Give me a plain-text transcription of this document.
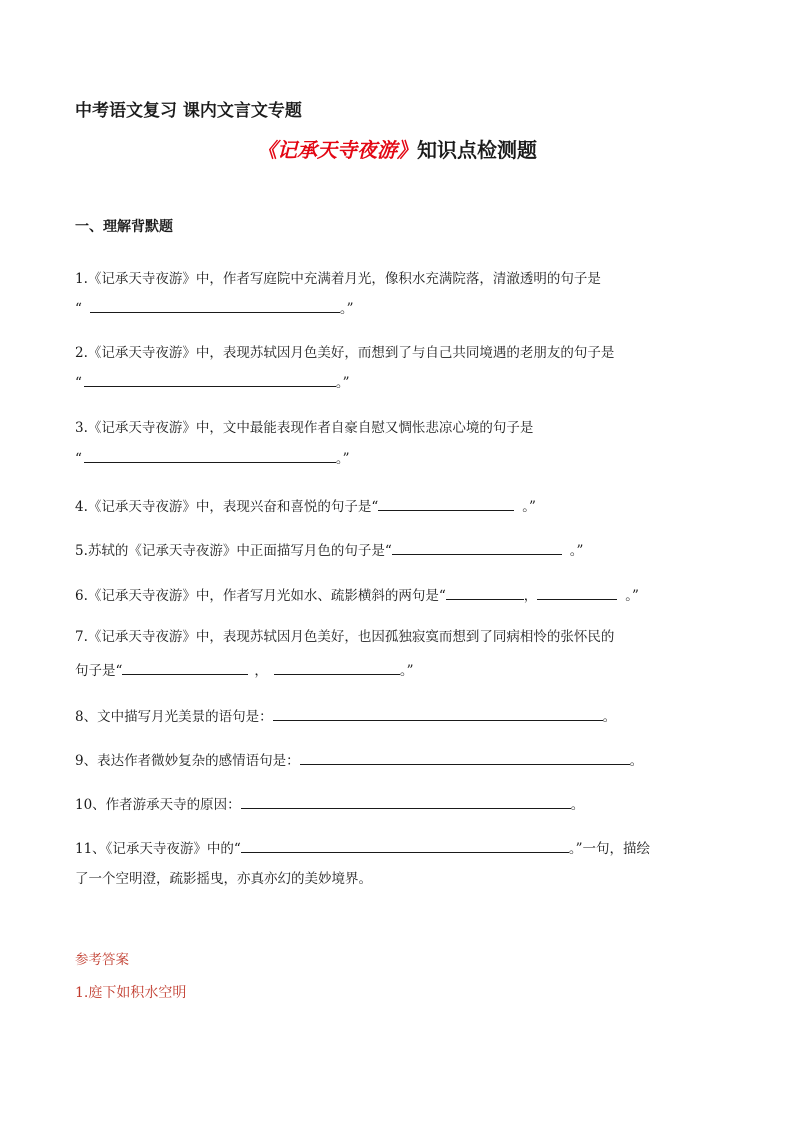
中考语文复习 课内文言文专题
《记承天寺夜游》知识点检测题
一、理解背默题
1.《记承天寺夜游》中，作者写庭院中充满着月光，像积水充满院落，清澈透明的句子是
“	。”
2.《记承天寺夜游》中，表现苏轼因月色美好，而想到了与自己共同境遇的老朋友的句子是
“	。”
3.《记承天寺夜游》中，文中最能表现作者自豪自慰又惆怅悲凉心境的句子是
“	。”
4.《记承天寺夜游》中，表现兴奋和喜悦的句子是“	。”
5.苏轼的《记承天寺夜游》中正面描写月色的句子是“	。”
6.《记承天寺夜游》中，作者写月光如水、疏影横斜的两句是“	，	。”
7.《记承天寺夜游》中，表现苏轼因月色美好，也因孤独寂寞而想到了同病相怜的张怀民的
句子是“	，	。”
8、文中描写月光美景的语句是：	。
9、表达作者微妙复杂的感情语句是：	。
10、作者游承天寺的原因：	。
11、《记承天寺夜游》中的“	。”一句，描绘
了一个空明澄，疏影摇曳，亦真亦幻的美妙境界。
参考答案
1.庭下如积水空明
